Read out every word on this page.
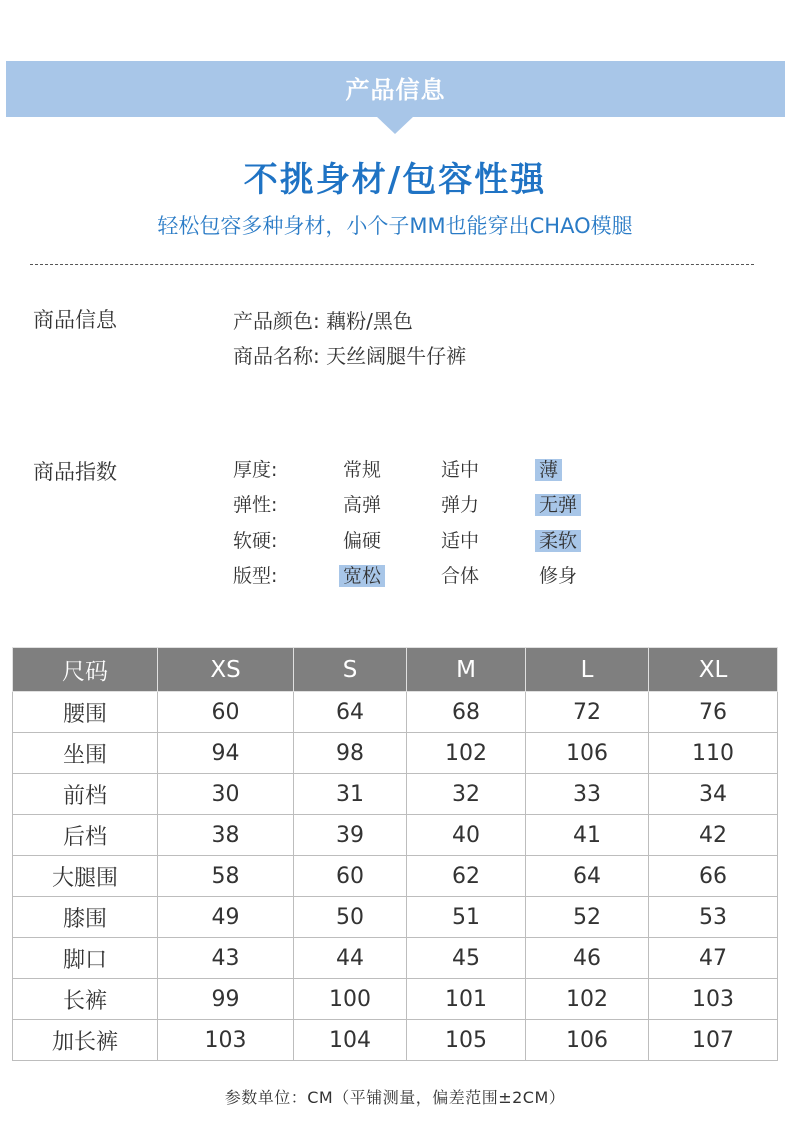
产品信息
不挑身材/包容性强
轻松包容多种身材，小个子MM也能穿出CHAO模腿
商品信息	产品颜色: 藕粉/黑色
商品名称: 天丝阔腿牛仔裤
商品指数	厚度:	常规	适中	薄
弹性:	高弹	弹力	无弹
软硬:	偏硬	适中	柔软
版型:	宽松	合体	修身
尺码	XS	S	M	L	XL
腰围	60	64	68	72	76
坐围	94	98	102	106	110
前档	30	31	32	33	34
后档	38	39	40	41	42
大腿围	58	60	62	64	66
膝围	49	50	51	52	53
脚口	43	44	45	46	47
长裤	99	100	101	102	103
加长裤	103	104	105	106	107
参数单位：CM（平铺测量，偏差范围±2CM）
